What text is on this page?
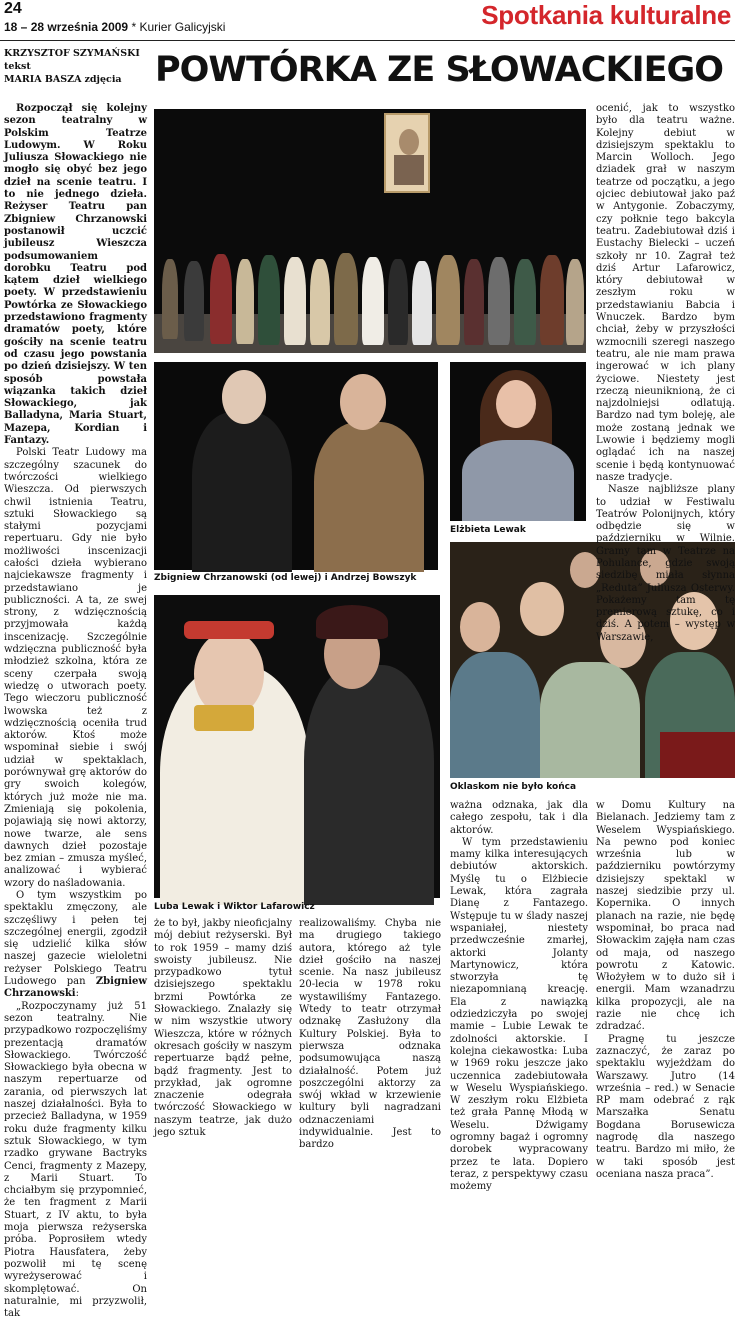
24
18 – 28 września 2009 * Kurier Galicyjski	Spotkania kulturalne
KRZYSZTOF SZYMAŃSKI
tekst
MARIA BASZA zdjęcia POWTÓRKA ZE SŁOWACKIEGO

Rozpoczął się kolejny sezon teatralny w Polskim Teatrze Ludowym. W Roku Juliusza Słowackiego nie mogło się obyć bez jego dzieł na scenie teatru. I to nie jednego dzieła. Reżyser Teatru pan Zbigniew Chrzanowski postanowił uczcić jubileusz Wieszcza podsumowaniem dorobku Teatru pod kątem dzieł wielkiego poety. W przedstawieniu Powtórka ze Słowackiego przedstawiono fragmenty dramatów poety, które gościły na scenie teatru od czasu jego powstania po dzień dzisiejszy. W ten sposób powstała wiązanka takich dzieł Słowackiego, jak Balladyna, Maria Stuart, Mazepa, Kordian i Fantazy.

Polski Teatr Ludowy ma szczególny szacunek do twórczości wielkiego Wieszcza. Od pierwszych chwil istnienia Teatru, sztuki Słowackiego są stałymi pozycjami repertuaru. Gdy nie było możliwości inscenizacji całości dzieła wybierano najciekawsze fragmenty i przedstawiano je publiczności. A ta, ze swej strony, z wdzięcznością przyjmowała każdą inscenizację. Szczególnie wdzięczna publiczność była młodzież szkolna, która ze sceny czerpała swoją wiedzę o utworach poety. Tego wieczoru publiczność lwowska też z wdzięcznością oceniła trud aktorów. Ktoś może wspominał siebie i swój udział w spektaklach, porównywał grę aktorów do gry swoich kolegów, których już może nie ma. Zmieniają się pokolenia, pojawiają się nowi aktorzy, nowe twarze, ale sens dawnych dzieł pozostaje bez zmian – zmusza myśleć, analizować i wybierać wzory do naśladowania.

O tym wszystkim po spektaklu zmęczony, ale szczęśliwy i pełen tej szczególnej energii, zgodził się udzielić kilka słów naszej gazecie wieloletni reżyser Polskiego Teatru Ludowego pan Zbigniew Chrzanowski:

„Rozpoczynamy już 51 sezon teatralny. Nie przypadkowo rozpoczęliśmy prezentacją dramatów Słowackiego. Twórczość Słowackiego była obecna w naszym repertuarze od zarania, od pierwszych lat naszej działalności. Była to przecież Balladyna, w 1959 roku duże fragmenty kilku sztuk Słowackiego, w tym rzadko grywane Bactryks Cenci, fragmenty z Mazepy, z Marii Stuart. To chciałbym się przypomnieć, że ten fragment z Marii Stuart, z IV aktu, to była moja pierwsza reżyserska próba. Poprosiłem wtedy Piotra Hausfatera, żeby pozwolił mi tę scenę wyreżyserować i skomplętować. On naturalnie, mi przyzwolił, tak

Zbigniew Chrzanowski (od lewej) i Andrzej Bowszyk
Elżbieta Lewak
Luba Lewak i Wiktor Lafarowicz
Oklaskom nie było końca

ocenić, jak to wszystko było dla teatru ważne. Kolejny debiut w dzisiejszym spektaklu to Marcin Wolloch. Jego dziadek grał w naszym teatrze od początku, a jego ojciec debiutował jako paź w Antygonie. Zobaczymy, czy połknie tego bakcyla teatru. Zadebiutował dziś i Eustachy Bielecki – uczeń szkoły nr 10. Zagrał też dziś Artur Lafarowicz, który debiutował w zeszłym roku w przedstawianiu Babcia i Wnuczek. Bardzo bym chciał, żeby w przyszłości wzmocnili szeregi naszego teatru, ale nie mam prawa ingerować w ich plany życiowe. Niestety jest rzeczą nieuniknioną, że ci najzdolniejsi odlatują. Bardzo nad tym boleję, ale może zostaną jednak we Lwowie i będziemy mogli oglądać ich na naszej scenie i będą kontynuować nasze tradycje.

Nasze najbliższe plany to udział w Festiwalu Teatrów Polonijnych, który odbędzie się w październiku w Wilnie. Gramy tam w Teatrze na Pohulance, gdzie swoją siedzibę miała słynna „Reduta” Juliusza Osterwy. Pokażemy tam tę premierową sztukę, co i dziś. A potem – występ w Warszawie,

że to był, jakby nieoficjalny mój debiut reżyserski. Był to rok 1959 – mamy dziś swoisty jubileusz. Nie przypadkowo tytuł dzisiejszego spektaklu brzmi Powtórka ze Słowackiego. Znalazły się w nim wszystkie utwory Wieszcza, które w różnych okresach gościły w naszym repertuarze bądź pełne, bądź fragmenty. Jest to przykład, jak ogromne znaczenie odegrała twórczość Słowackiego w naszym teatrze, jak dużo jego sztuk

realizowaliśmy. Chyba nie ma drugiego takiego autora, którego aż tyle dzieł gościło na naszej scenie. Na nasz jubileusz 20-lecia w 1978 roku wystawiliśmy Fantazego. Wtedy to teatr otrzymał odznakę Zasłużony dla Kultury Polskiej. Była to pierwsza odznaka podsumowująca naszą działalność. Potem już poszczególni aktorzy za swój wkład w krzewienie kultury byli nagradzani odznaczeniami indywidualnie. Jest to bardzo

ważna odznaka, jak dla całego zespołu, tak i dla aktorów.

W tym przedstawieniu mamy kilka interesujących debiutów aktorskich. Myślę tu o Elżbiecie Lewak, która zagrała Dianę z Fantazego. Wstępuje tu w ślady naszej wspaniałej, niestety przedwcześnie zmarłej, aktorki Jolanty Martynowicz, która stworzyła tę niezapomnianą kreację. Ela z nawiązką odziedziczyła po swojej mamie – Lubie Lewak te zdolności aktorskie. I kolejna ciekawostka: Luba w 1969 roku jeszcze jako uczennica zadebiutowała w Weselu Wyspiańskiego. W zeszłym roku Elżbieta też grała Pannę Młodą w Weselu. Dźwigamy ogromny bagaż i ogromny dorobek wypracowany przez te lata. Dopiero teraz, z perspektywy czasu możemy

w Domu Kultury na Bielanach. Jedziemy tam z Weselem Wyspiańskiego. Na pewno pod koniec września lub w październiku powtórzymy dzisiejszy spektakl w naszej siedzibie przy ul. Kopernika. O innych planach na razie, nie będę wspominał, bo praca nad Słowackim zajęła nam czas od maja, od naszego powrotu z Katowic. Włożyłem w to dużo sił i energii. Mam wzanadrzu kilka propozycji, ale na razie nie chcę ich zdradzać.

Pragnę tu jeszcze zaznaczyć, że zaraz po spektaklu wyjeżdżam do Warszawy. Jutro (14 września – red.) w Senacie RP mam odebrać z rąk Marszałka Senatu Bogdana Borusewicza nagrodę dla naszego teatru. Bardzo mi miło, że w taki sposób jest oceniana nasza praca”.
